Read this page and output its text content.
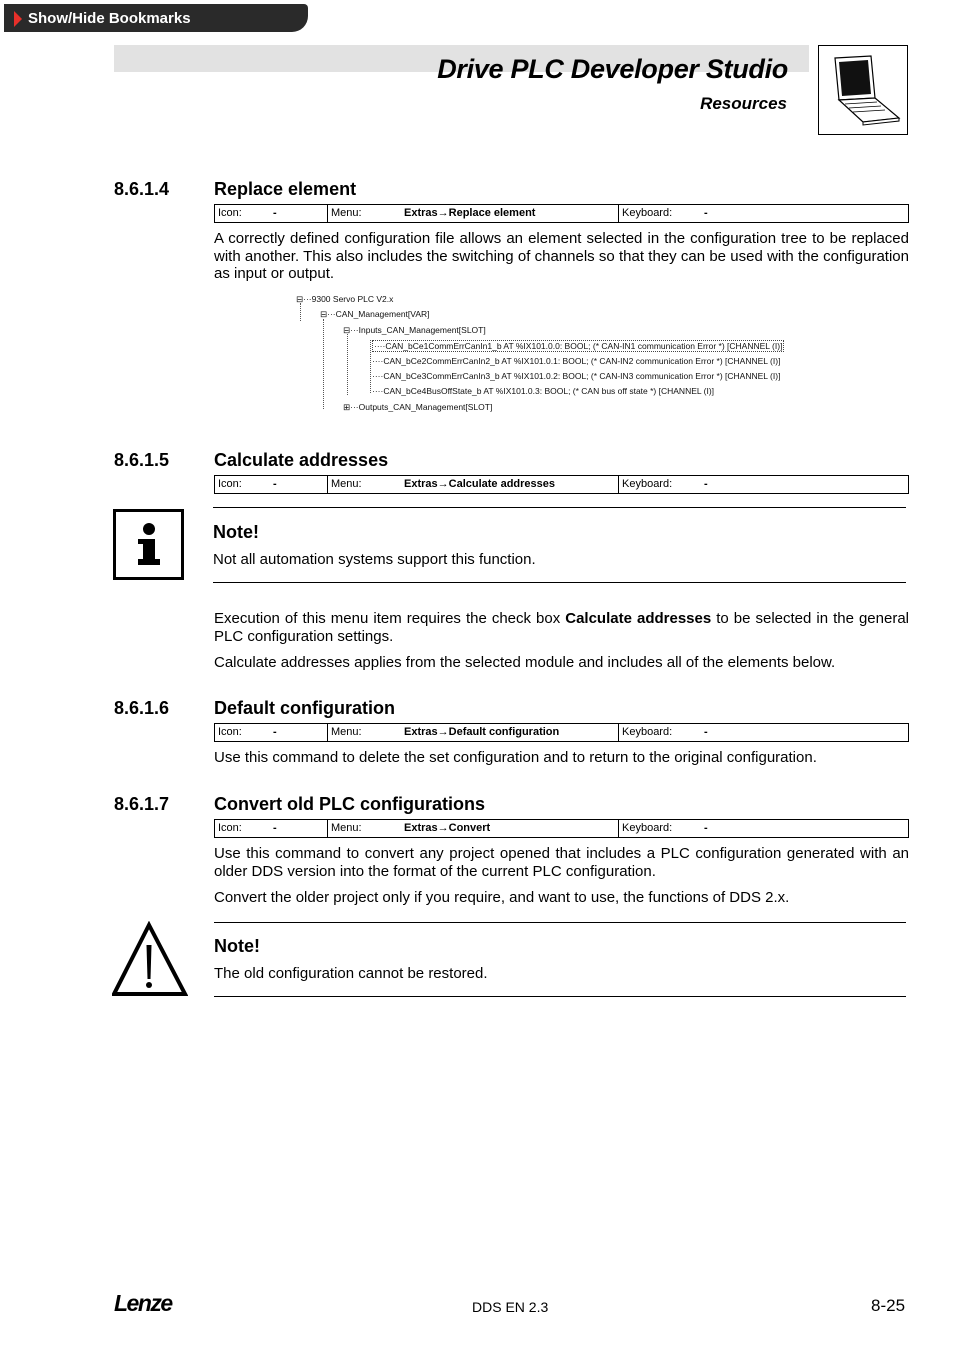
Show/Hide Bookmarks
Drive PLC Developer Studio
Resources
8.6.1.4 Replace element
Icon:	-	Menu:	Extras→Replace element	Keyboard:	-
A correctly defined configuration file allows an element selected in the configuration tree to be replaced with another. This also includes the switching of channels so that they can be used with the configuration as input or output.
⊟···9300 Servo PLC V2.x
⊟···CAN_Management[VAR]
⊟···Inputs_CAN_Management[SLOT]
····CAN_bCe1CommErrCanIn1_b AT %IX101.0.0: BOOL; (* CAN-IN1 communication Error *) [CHANNEL (I)]
····CAN_bCe2CommErrCanIn2_b AT %IX101.0.1: BOOL; (* CAN-IN2 communication Error *) [CHANNEL (I)]
····CAN_bCe3CommErrCanIn3_b AT %IX101.0.2: BOOL; (* CAN-IN3 communication Error *) [CHANNEL (I)]
····CAN_bCe4BusOffState_b AT %IX101.0.3: BOOL; (* CAN bus off state *) [CHANNEL (I)]
⊞···Outputs_CAN_Management[SLOT]
8.6.1.5 Calculate addresses
Icon:	-	Menu:	Extras→Calculate addresses	Keyboard:	-
Note!
Not all automation systems support this function.
Execution of this menu item requires the check box Calculate addresses to be selected in the general PLC configuration settings.
Calculate addresses applies from the selected module and includes all of the elements below.
8.6.1.6 Default configuration
Icon:	-	Menu:	Extras→Default configuration	Keyboard:	-
Use this command to delete the set configuration and to return to the original configuration.
8.6.1.7 Convert old PLC configurations
Icon:	-	Menu:	Extras→Convert	Keyboard:	-
Use this command to convert any project opened that includes a PLC configuration generated with an older DDS version into the format of the current PLC configuration.
Convert the older project only if you require, and want to use, the functions of DDS 2.x.
Note!
The old configuration cannot be restored.
Lenze	DDS EN 2.3	8-25
